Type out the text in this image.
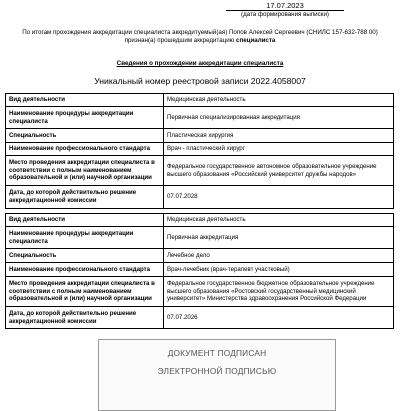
17.07.2023
(дата формирования выписки)
По итогам прохождения аккредитации специалиста аккредитуемый(ая) Попов Алексей Сергеевич (СНИЛС 157-632-788 00)
признан(а) прошедшим аккредитацию специалиста
Сведения о прохождении аккредитации специалиста
Уникальный номер реестровой записи 2022.4058007
Вид деятельности	Медицинская деятельность
Наименование процедуры аккредитации специалиста	Первичная специализированная аккредитация
Специальность	Пластическая хирургия
Наименование профессионального стандарта	Врач - пластический хирург
Место проведения аккредитации специалиста в соответствии с полным наименованием образовательной и (или) научной организации	Федеральное государственное автономное образовательное учреждение высшего образования «Российский университет дружбы народов»
Дата, до которой действительно решение аккредитационной комиссии	07.07.2028
Вид деятельности	Медицинская деятельность
Наименование процедуры аккредитации специалиста	Первичная аккредитация
Специальность	Лечебное дело
Наименование профессионального стандарта	Врач-лечебник (врач-терапевт участковый)
Место проведения аккредитации специалиста в соответствии с полным наименованием образовательной и (или) научной организации	Федеральное государственное бюджетное образовательное учреждение высшего образования «Ростовский государственный медицинский университет» Министерства здравоохранения Российской Федерации
Дата, до которой действительно решение аккредитационной комиссии	07.07.2026
ДОКУМЕНТ ПОДПИСАН
ЭЛЕКТРОННОЙ ПОДПИСЬЮ
